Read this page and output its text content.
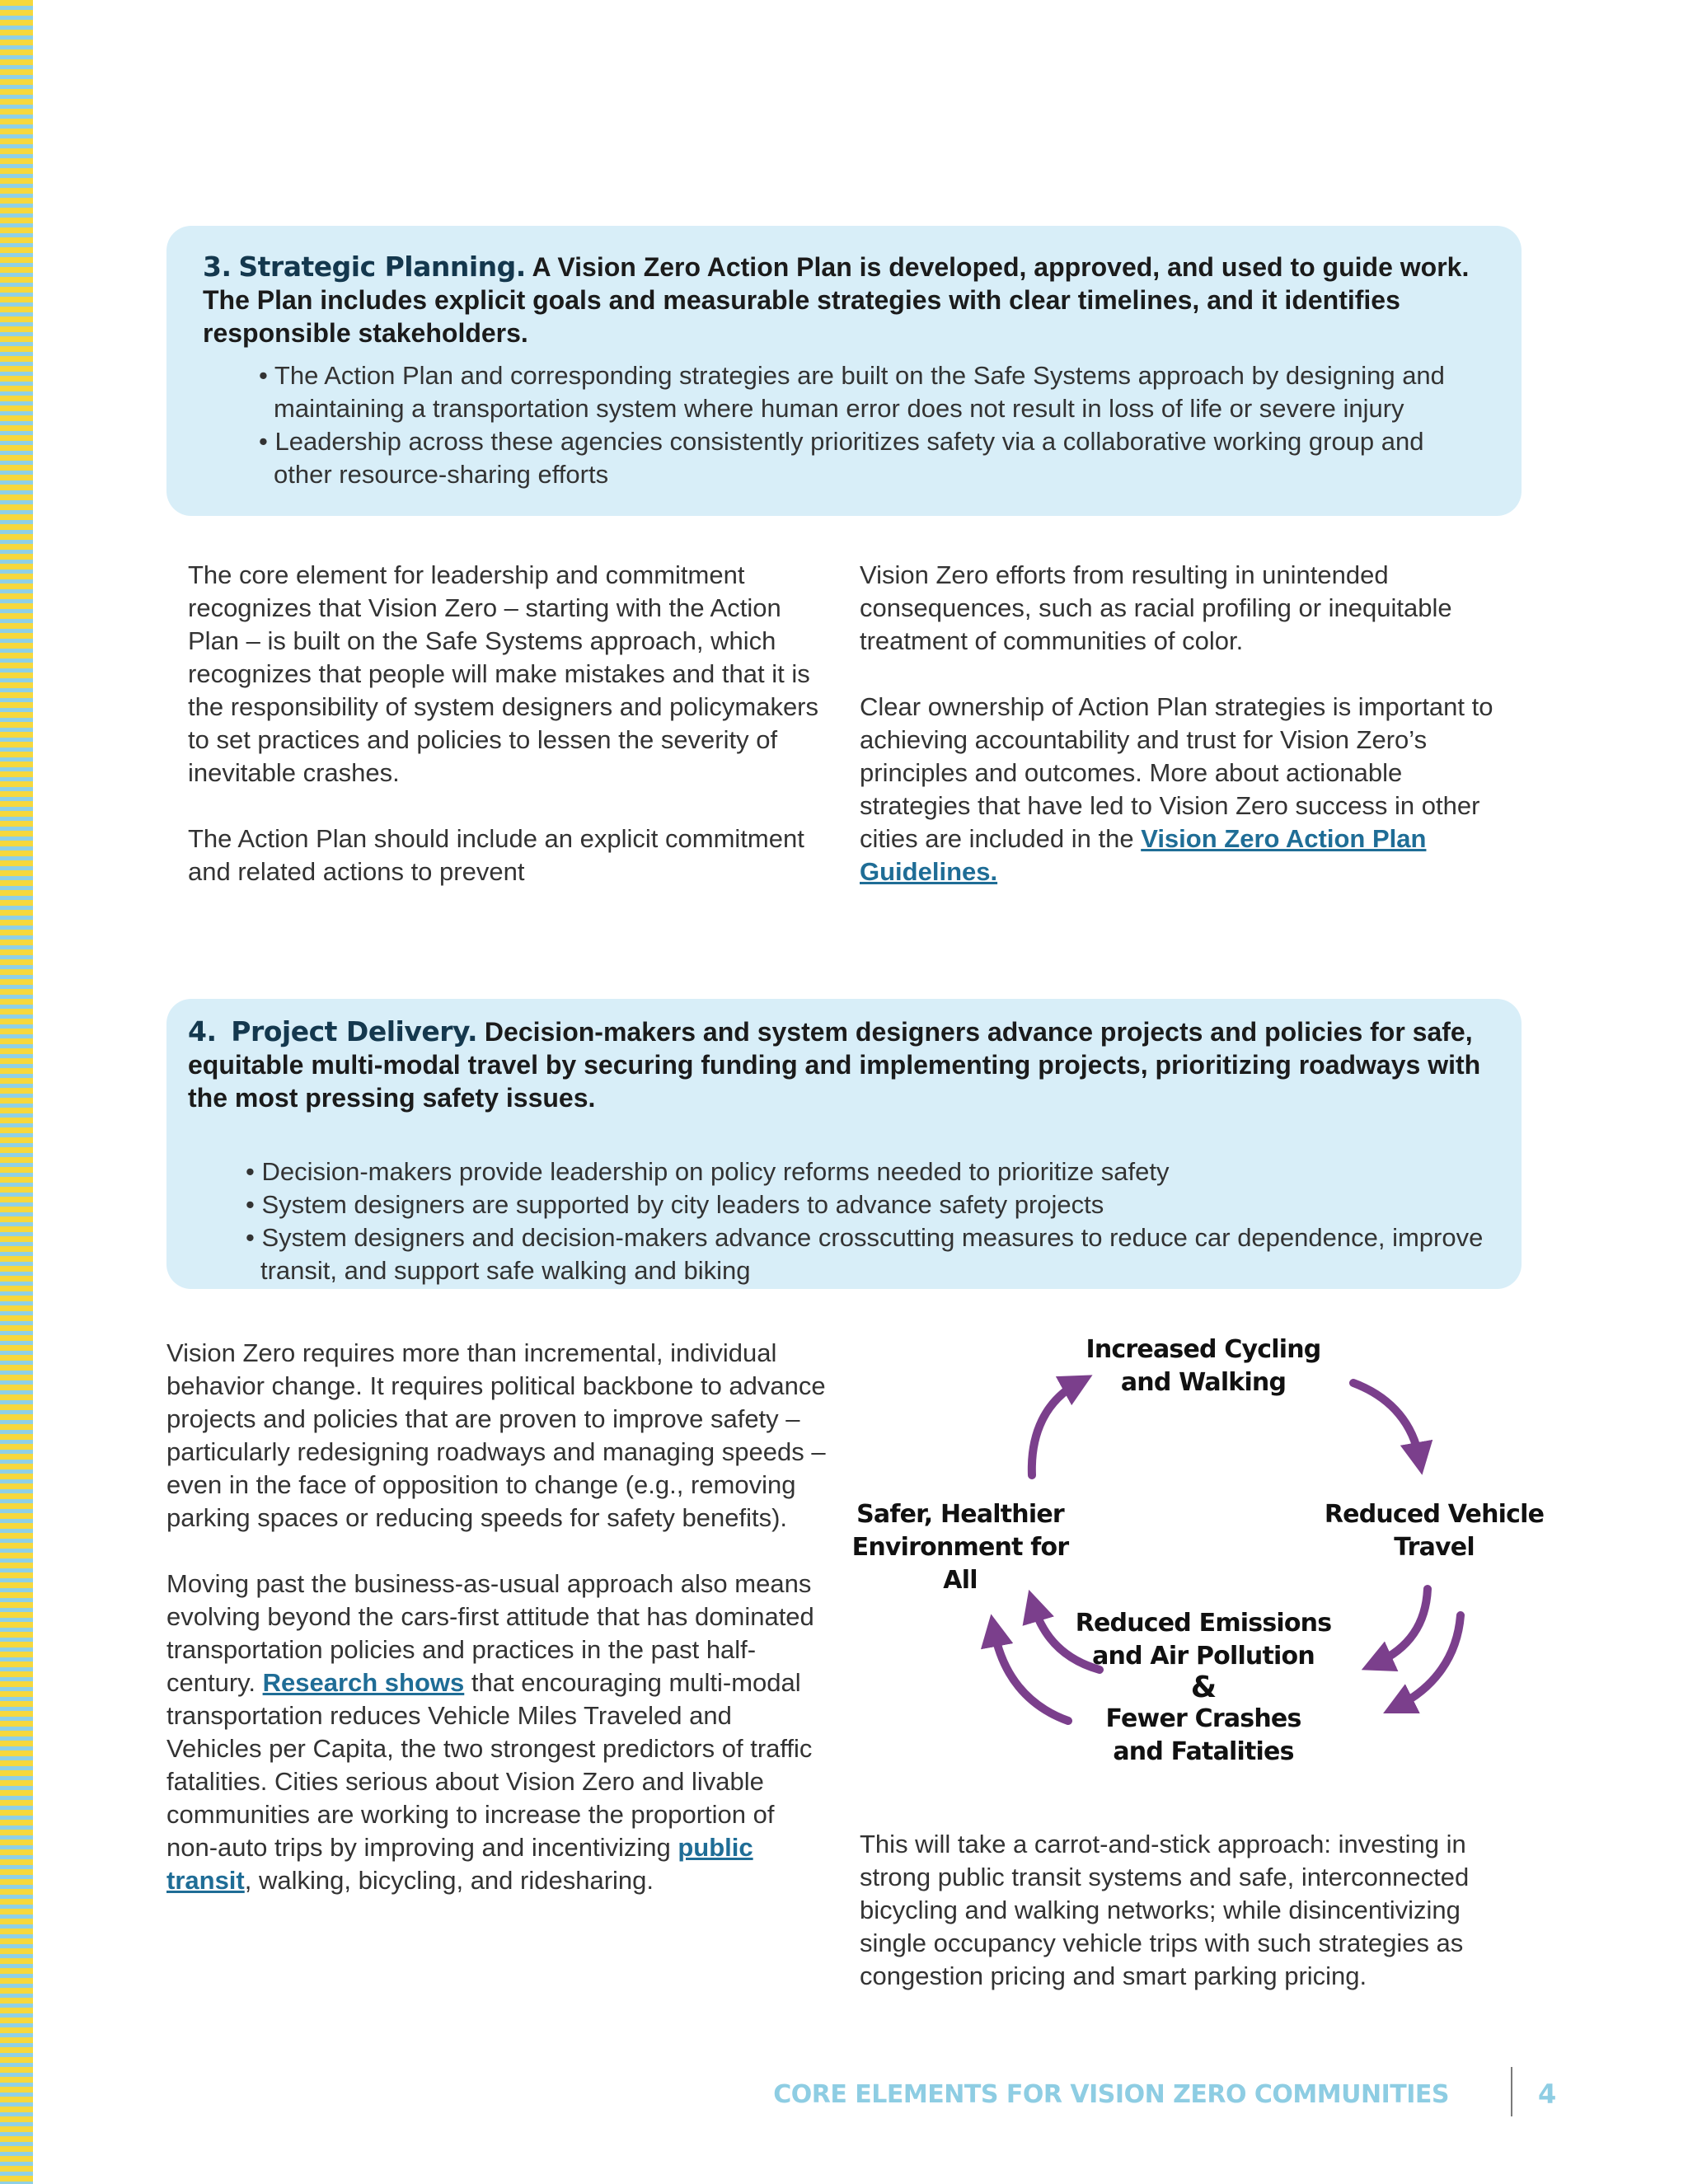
3. Strategic Planning. A Vision Zero Action Plan is developed, approved, and used to guide work. The Plan includes explicit goals and measurable strategies with clear timelines, and it identifies responsible stakeholders.
• The Action Plan and corresponding strategies are built on the Safe Systems approach by designing and maintaining a transportation system where human error does not result in loss of life or severe injury
• Leadership across these agencies consistently prioritizes safety via a collaborative working group and other resource-sharing efforts

The core element for leadership and commitment recognizes that Vision Zero – starting with the Action Plan – is built on the Safe Systems approach, which recognizes that people will make mistakes and that it is the responsibility of system designers and policymakers to set practices and policies to lessen the severity of inevitable crashes.

The Action Plan should include an explicit commitment and related actions to prevent

Vision Zero efforts from resulting in unintended consequences, such as racial profiling or inequitable treatment of communities of color.

Clear ownership of Action Plan strategies is important to achieving accountability and trust for Vision Zero’s principles and outcomes. More about actionable strategies that have led to Vision Zero success in other cities are included in the Vision Zero Action Plan Guidelines.

4. Project Delivery. Decision-makers and system designers advance projects and policies for safe, equitable multi-modal travel by securing funding and implementing projects, prioritizing roadways with the most pressing safety issues.
• Decision-makers provide leadership on policy reforms needed to prioritize safety
• System designers are supported by city leaders to advance safety projects
• System designers and decision-makers advance crosscutting measures to reduce car dependence, improve transit, and support safe walking and biking

Vision Zero requires more than incremental, individual behavior change. It requires political backbone to advance projects and policies that are proven to improve safety – particularly redesigning roadways and managing speeds – even in the face of opposition to change (e.g., removing parking spaces or reducing speeds for safety benefits).

Moving past the business-as-usual approach also means evolving beyond the cars-first attitude that has dominated transportation policies and practices in the past half-century. Research shows that encouraging multi-modal transportation reduces Vehicle Miles Traveled and Vehicles per Capita, the two strongest predictors of traffic fatalities. Cities serious about Vision Zero and livable communities are working to increase the proportion of non-auto trips by improving and incentivizing public transit, walking, bicycling, and ridesharing.

This will take a carrot-and-stick approach: investing in strong public transit systems and safe, interconnected bicycling and walking networks; while disincentivizing single occupancy vehicle trips with such strategies as congestion pricing and smart parking pricing.

Increased Cycling
and Walking
Reduced Vehicle
Travel
Safer, Healthier
Environment for All
Reduced Emissions
and Air Pollution
&
Fewer Crashes
and Fatalities
CORE ELEMENTS FOR VISION ZERO COMMUNITIES	4
